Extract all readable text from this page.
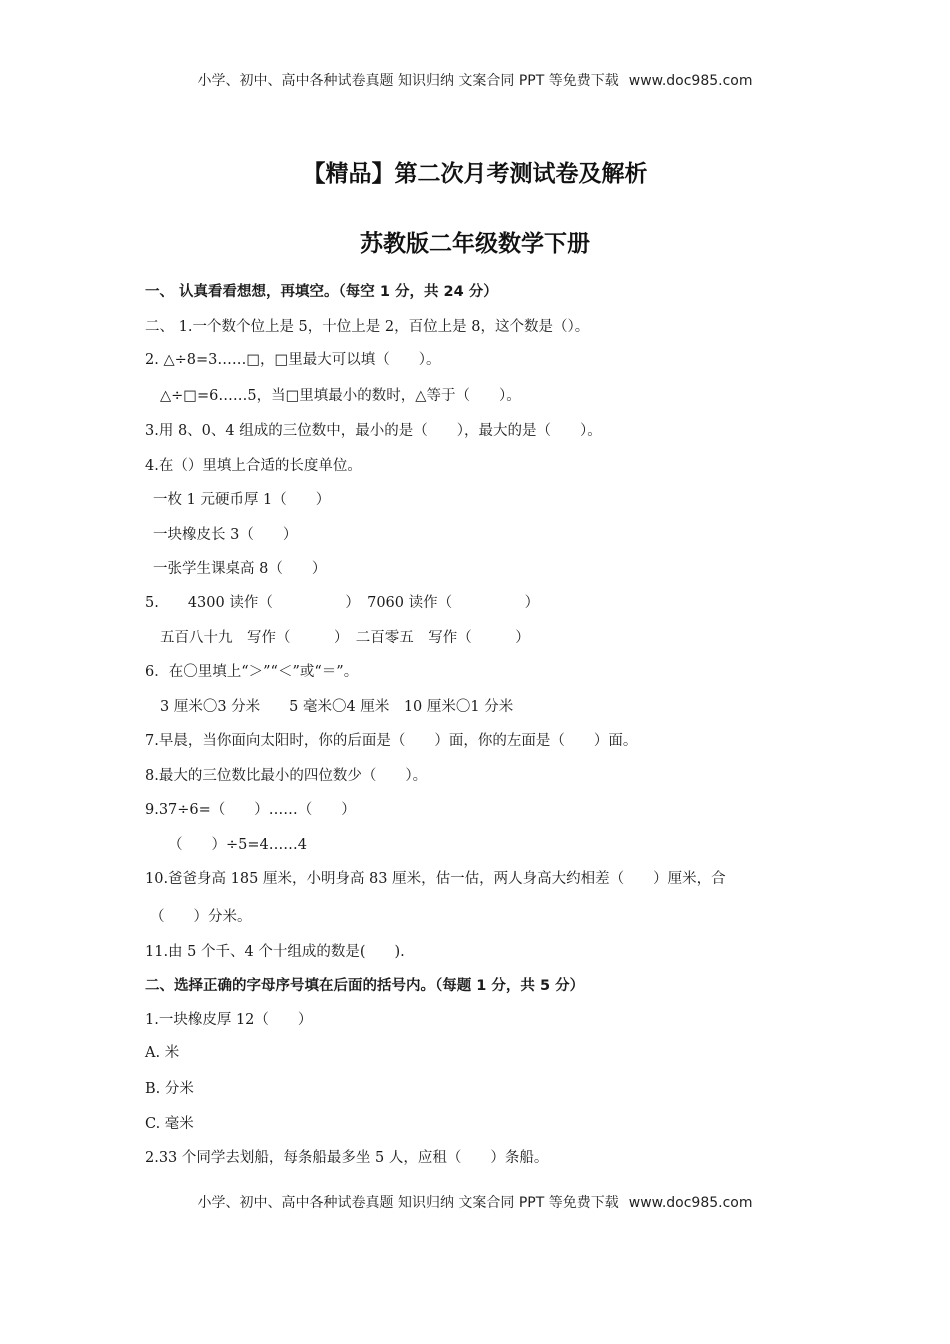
小学、初中、高中各种试卷真题 知识归纳 文案合同 PPT 等免费下载 www.doc985.com
【精品】第二次月考测试卷及解析
苏教版二年级数学下册
一、 认真看看想想，再填空。（每空 1 分，共 24 分）
二、 1.一个数个位上是 5，十位上是 2，百位上是 8，这个数是（）。
2. △÷8=3……□，□里最大可以填（　　）。
△÷□=6……5，当□里填最小的数时，△等于（　　）。
3.用 8、0、4 组成的三位数中，最小的是（　　），最大的是（　　）。
4.在（）里填上合适的长度单位。
一枚 1 元硬币厚 1（　　）
一块橡皮长 3（　　）
一张学生课桌高 8（　　）
5.　　4300 读作（　　　　　）　7060 读作（　　　　　）
五百八十九　写作（　　　）　二百零五　写作（　　　）
6．在〇里填上“＞”“＜”或“＝”。
3 厘米〇3 分米　　5 毫米〇4 厘米　10 厘米〇1 分米
7.早晨，当你面向太阳时，你的后面是（　　）面，你的左面是（　　）面。
8.最大的三位数比最小的四位数少（　　）。
9.37÷6=（　　）……（　　）
（　　）÷5=4……4
10.爸爸身高 185 厘米，小明身高 83 厘米，估一估，两人身高大约相差（　　）厘米，合
（　　）分米。
11.由 5 个千、4 个十组成的数是(　　).
二、选择正确的字母序号填在后面的括号内。（每题 1 分，共 5 分）
1.一块橡皮厚 12（　　）
A. 米
B. 分米
C. 毫米
2.33 个同学去划船，每条船最多坐 5 人，应租（　　）条船。
小学、初中、高中各种试卷真题 知识归纳 文案合同 PPT 等免费下载 www.doc985.com
